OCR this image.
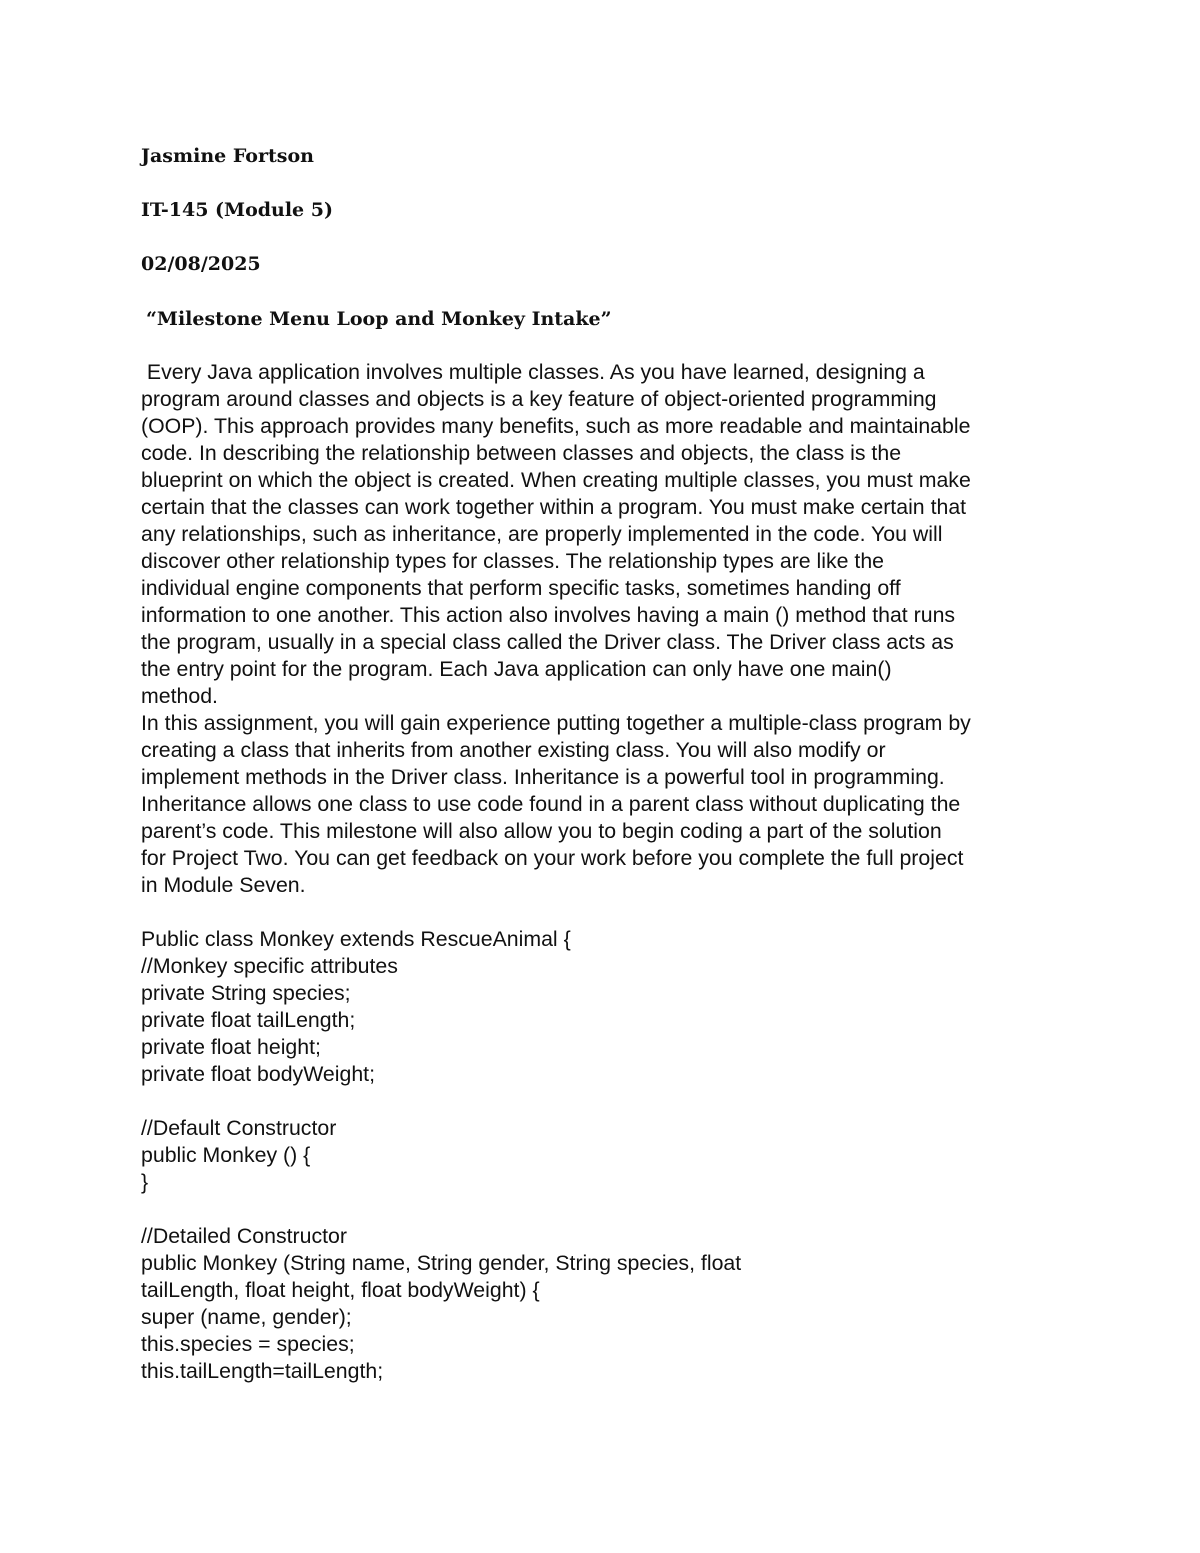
Jasmine Fortson

IT-145 (Module 5)

02/08/2025

“Milestone Menu Loop and Monkey Intake”

Every Java application involves multiple classes. As you have learned, designing a
program around classes and objects is a key feature of object-oriented programming
(OOP). This approach provides many benefits, such as more readable and maintainable
code. In describing the relationship between classes and objects, the class is the
blueprint on which the object is created. When creating multiple classes, you must make
certain that the classes can work together within a program. You must make certain that
any relationships, such as inheritance, are properly implemented in the code. You will
discover other relationship types for classes. The relationship types are like the
individual engine components that perform specific tasks, sometimes handing off
information to one another. This action also involves having a main () method that runs
the program, usually in a special class called the Driver class. The Driver class acts as
the entry point for the program. Each Java application can only have one main()
method.
In this assignment, you will gain experience putting together a multiple-class program by
creating a class that inherits from another existing class. You will also modify or
implement methods in the Driver class. Inheritance is a powerful tool in programming.
Inheritance allows one class to use code found in a parent class without duplicating the
parent’s code. This milestone will also allow you to begin coding a part of the solution
for Project Two. You can get feedback on your work before you complete the full project
in Module Seven.
Public class Monkey extends RescueAnimal {
//Monkey specific attributes
private String species;
private float tailLength;
private float height;
private float bodyWeight;
//Default Constructor
public Monkey () {
}
//Detailed Constructor
public Monkey (String name, String gender, String species, float
tailLength, float height, float bodyWeight) {
super (name, gender);
this.species = species;
this.tailLength=tailLength;
